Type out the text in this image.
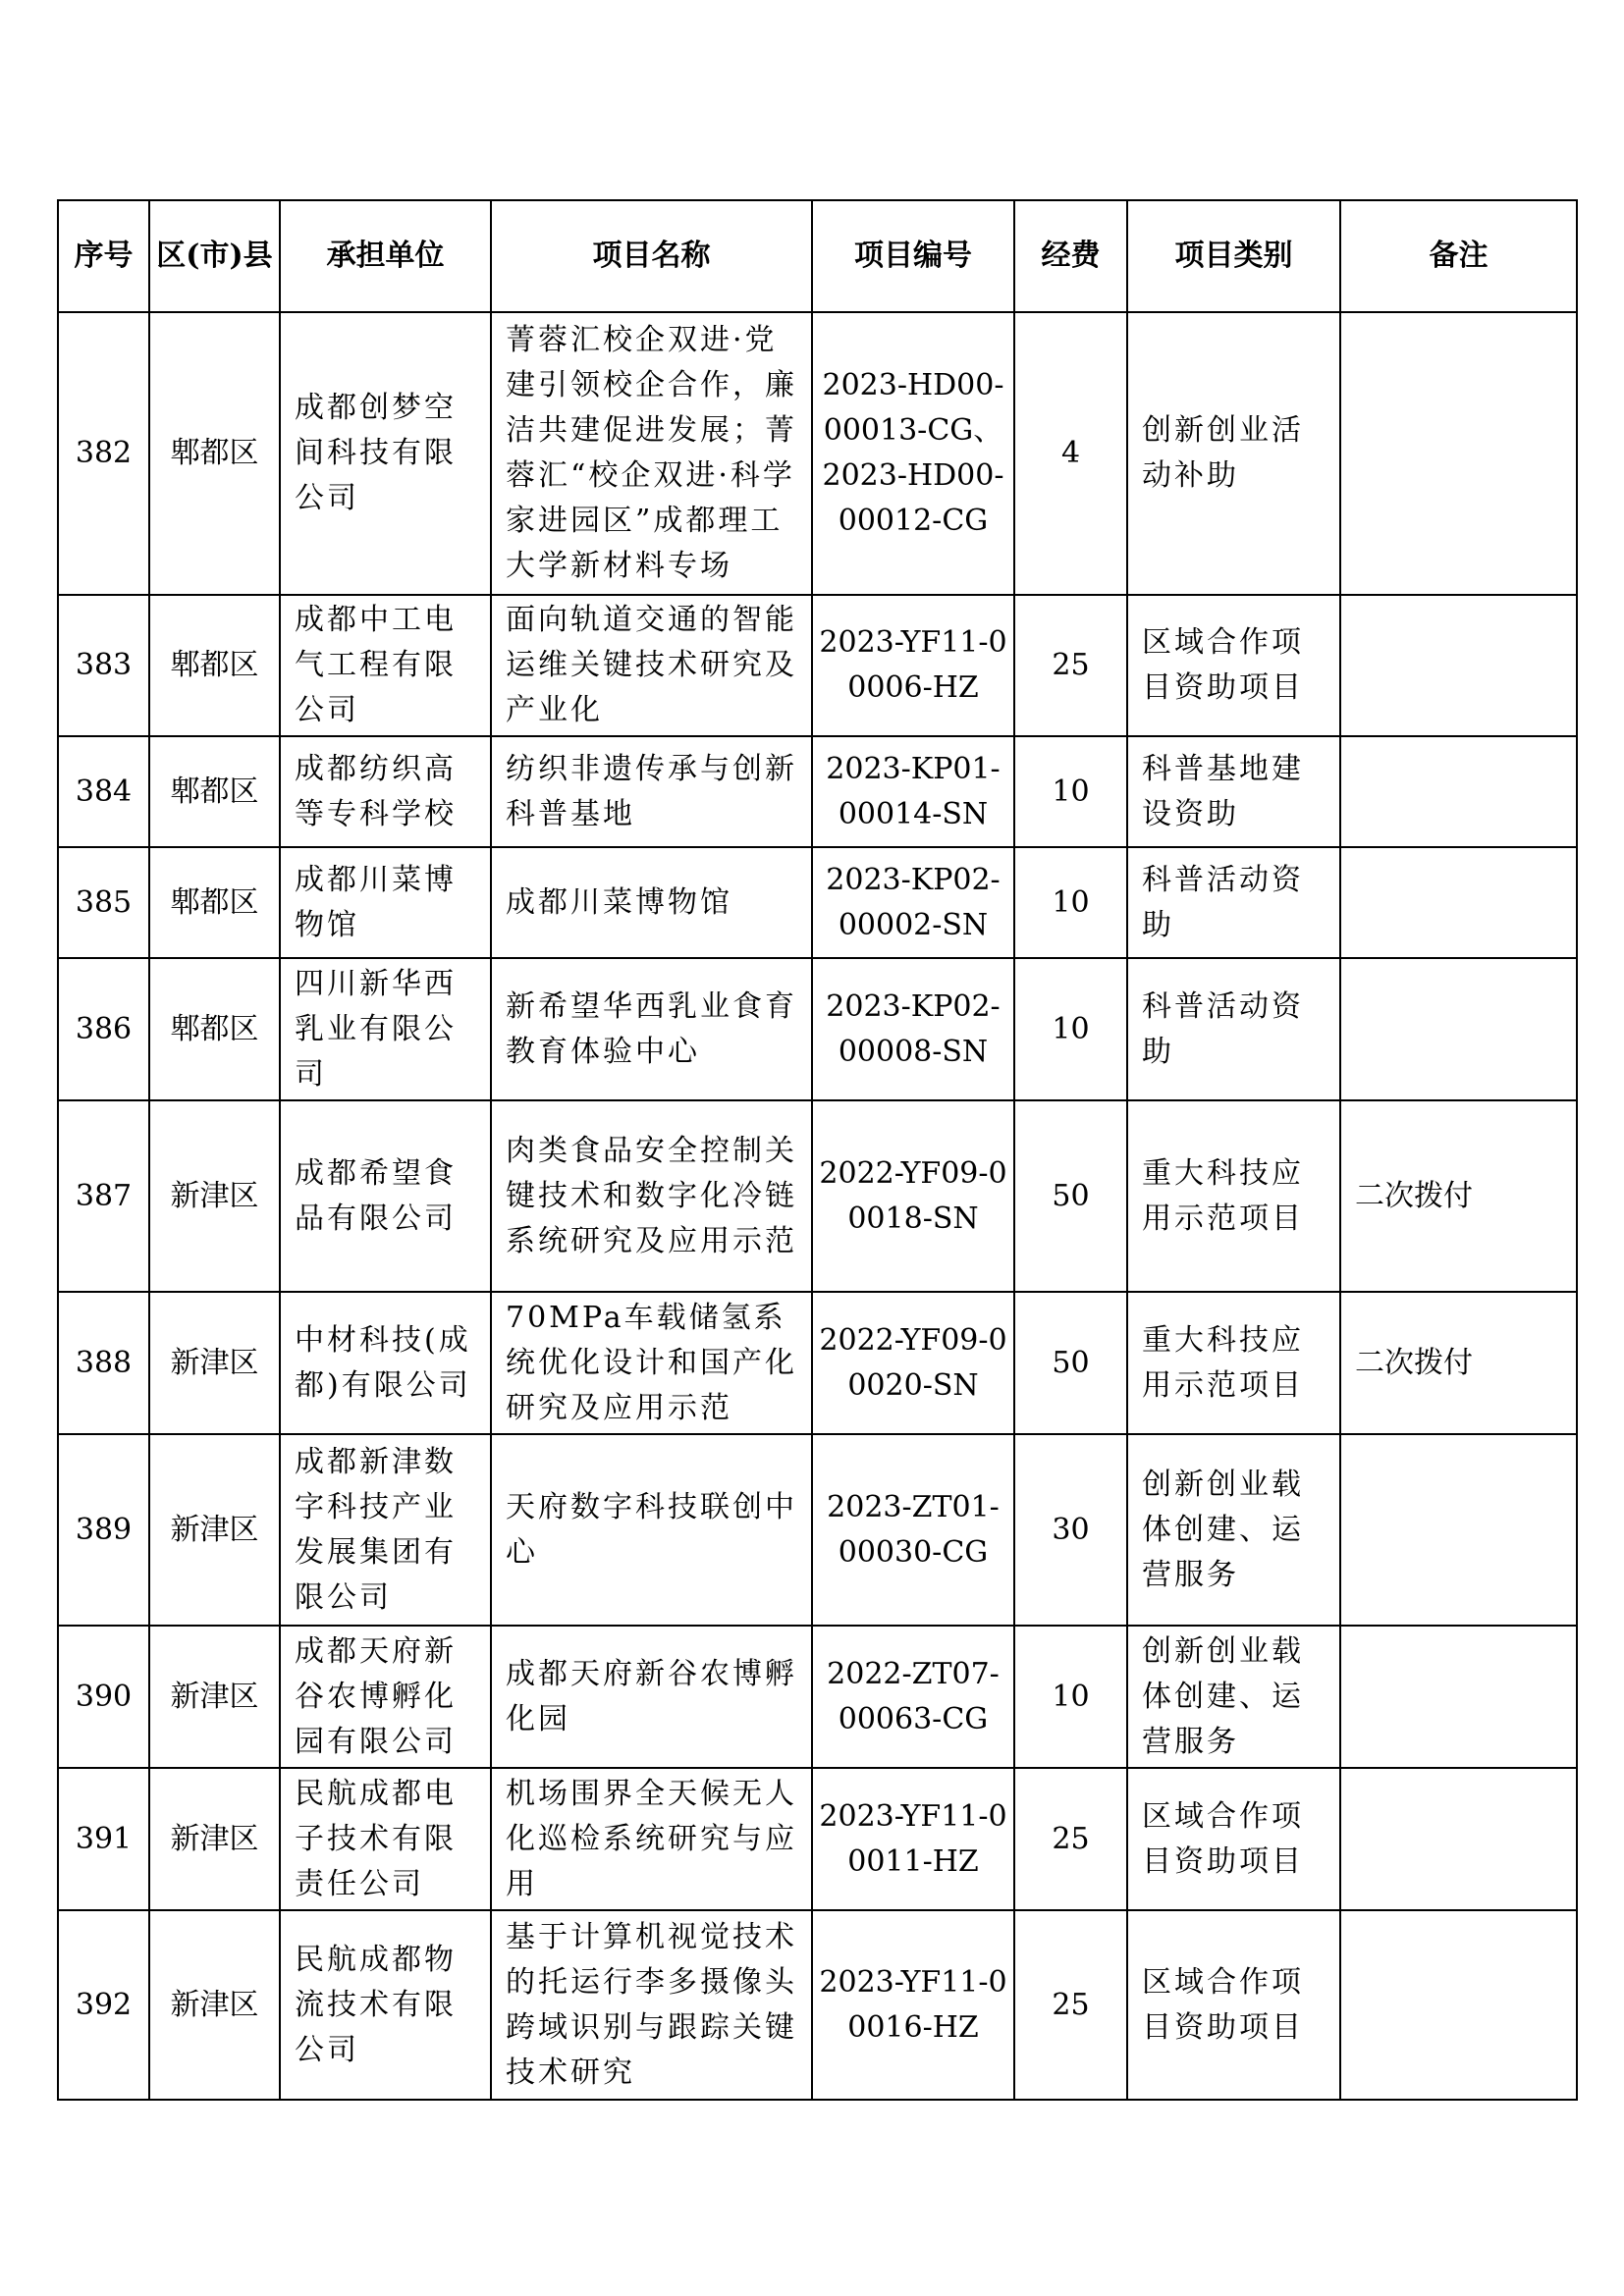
序号	区(市)县	承担单位	项目名称	项目编号	经费	项目类别	备注
382	郫都区	成都创梦空间科技有限公司	菁蓉汇校企双进·党建引领校企合作，廉洁共建促进发展；菁蓉汇“校企双进·科学家进园区”成都理工大学新材料专场	2023-HD00-00013-CG、2023-HD00-00012-CG	4	创新创业活动补助	
383	郫都区	成都中工电气工程有限公司	面向轨道交通的智能运维关键技术研究及产业化	2023-YF11-00006-HZ	25	区域合作项目资助项目	
384	郫都区	成都纺织高等专科学校	纺织非遗传承与创新科普基地	2023-KP01-00014-SN	10	科普基地建设资助	
385	郫都区	成都川菜博物馆	成都川菜博物馆	2023-KP02-00002-SN	10	科普活动资助	
386	郫都区	四川新华西乳业有限公司	新希望华西乳业食育教育体验中心	2023-KP02-00008-SN	10	科普活动资助	
387	新津区	成都希望食品有限公司	肉类食品安全控制关键技术和数字化冷链系统研究及应用示范	2022-YF09-00018-SN	50	重大科技应用示范项目	二次拨付
388	新津区	中材科技(成都)有限公司	70MPa车载储氢系统优化设计和国产化研究及应用示范	2022-YF09-00020-SN	50	重大科技应用示范项目	二次拨付
389	新津区	成都新津数字科技产业发展集团有限公司	天府数字科技联创中心	2023-ZT01-00030-CG	30	创新创业载体创建、运营服务	
390	新津区	成都天府新谷农博孵化园有限公司	成都天府新谷农博孵化园	2022-ZT07-00063-CG	10	创新创业载体创建、运营服务	
391	新津区	民航成都电子技术有限责任公司	机场围界全天候无人化巡检系统研究与应用	2023-YF11-00011-HZ	25	区域合作项目资助项目	
392	新津区	民航成都物流技术有限公司	基于计算机视觉技术的托运行李多摄像头跨域识别与跟踪关键技术研究	2023-YF11-00016-HZ	25	区域合作项目资助项目	
